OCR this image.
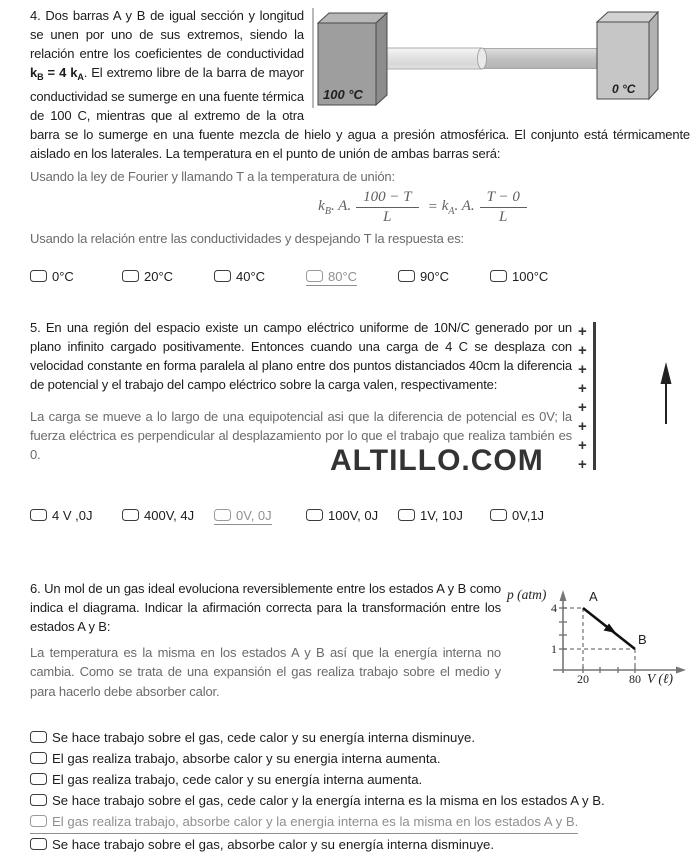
100 °C	0 °C

4. Dos barras A y B de igual sección y longitud se unen por uno de sus extremos, siendo la relación entre los coeficientes de conductividad $k_B = 4$ $k_A$. El extremo libre de la barra de mayor conductividad se sumerge en una fuente térmica de 100 C, mientras que al extremo de la otra barra se lo sumerge en una fuente mezcla de hielo y agua a presión atmosférica. El conjunto está térmicamente aislado en los laterales. La temperatura en el punto de unión de ambas barras será:

Usando la ley de Fourier y llamando T a la temperatura de unión:

$k_B$. A. $\frac{100 - T}{L} = k_A$. A. $\frac{T - 0}{L}$

Usando la relación entre las conductividades y despejando T la respuesta es:

0°C	20°C	40°C	80°C	90°C	100°C
+
+
+
+
+
+
+
+

5. En una región del espacio existe un campo eléctrico uniforme de 10N/C generado por un plano infinito cargado positivamente. Entonces cuando una carga de 4 C se desplaza con velocidad constante en forma paralela al plano entre dos puntos distanciados 40cm la diferencia de potencial y el trabajo del campo eléctrico sobre la carga valen, respectivamente:

La carga se mueve a lo largo de una equipotencial asi que la diferencia de potencial es 0V; la fuerza eléctrica es perpendicular al desplazamiento por lo que el trabajo que realiza también es 0.	ALTILLO.COM
4 V ,0J	400V, 4J	0V, 0J	100V, 0J	1V, 10J	0V,1J
p (atm)
V (ℓ)
4
1
20	80
A
B

6. Un mol de un gas ideal evoluciona reversiblemente entre los estados A y B como indica el diagrama. Indicar la afirmación correcta para la transformación entre los estados A y B:

La temperatura es la misma en los estados A y B así que la energía interna no cambia. Como se trata de una expansión el gas realiza trabajo sobre el medio y para hacerlo debe absorber calor.

Se hace trabajo sobre el gas, cede calor y su energía interna disminuye.
El gas realiza trabajo, absorbe calor y su energia interna aumenta.
El gas realiza trabajo, cede calor y su energía interna aumenta.
Se hace trabajo sobre el gas, cede calor y la energía interna es la misma en los estados A y B.
El gas realiza trabajo, absorbe calor y la energia interna es la misma en los estados A y B.
Se hace trabajo sobre el gas, absorbe calor y su energía interna disminuye.
